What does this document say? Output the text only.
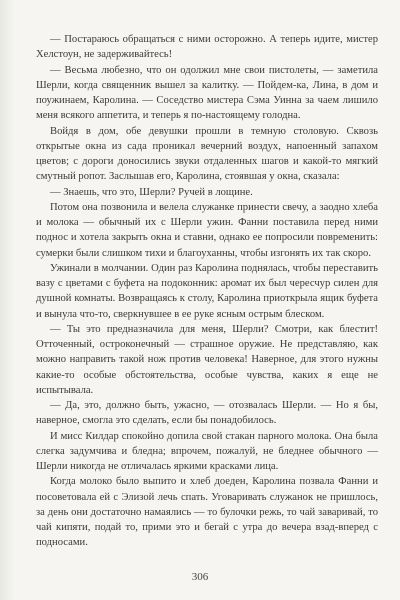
— Постараюсь обращаться с ними осторожно. А теперь идите, мистер Хелстоун, не задерживайтесь!

— Весьма любезно, что он одолжил мне свои пистолеты, — заметила Шерли, когда священник вышел за калитку. — Пойдем-ка, Лина, в дом и поужинаем, Каролина. — Соседство мистера Сэма Уинна за чаем лишило меня всякого аппетита, и теперь я по-настоящему голодна.

Войдя в дом, обе девушки прошли в темную столовую. Сквозь открытые окна из сада проникал вечерний воздух, напоенный запахом цветов; с дороги доносились звуки отдаленных шагов и какой-то мягкий смутный ропот. Заслышав его, Каролина, стоявшая у окна, сказала:

— Знаешь, что это, Шерли? Ручей в лощине.

Потом она позвонила и велела служанке принести свечу, а заодно хлеба и молока — обычный их с Шерли ужин. Фанни поставила перед ними поднос и хотела закрыть окна и ставни, однако ее попросили повременить: сумерки были слишком тихи и благоуханны, чтобы изгонять их так скоро.

Ужинали в молчании. Один раз Каролина поднялась, чтобы переставить вазу с цветами с буфета на подоконник: аромат их был чересчур силен для душной комнаты. Возвращаясь к столу, Каролина приоткрыла ящик буфета и вынула что-то, сверкнувшее в ее руке ясным острым блеском.

— Ты это предназначила для меня, Шерли? Смотри, как блестит! Отточенный, остроконечный — страшное оружие. Не представляю, как можно направить такой нож против человека! Наверное, для этого нужны какие-то особые обстоятельства, особые чувства, каких я еще не испытывала.

— Да, это, должно быть, ужасно, — отозвалась Шерли. — Но я бы, наверное, смогла это сделать, если бы понадобилось.

И мисс Килдар спокойно допила свой стакан парного молока. Она была слегка задумчива и бледна; впрочем, пожалуй, не бледнее обычного — Шерли никогда не отличалась яркими красками лица.

Когда молоко было выпито и хлеб доеден, Каролина позвала Фанни и посоветовала ей с Элизой лечь спать. Уговаривать служанок не пришлось, за день они достаточно намаялись — то булочки режь, то чай заваривай, то чай кипяти, подай то, прими это и бегай с утра до вечера взад-вперед с подносами.

306
